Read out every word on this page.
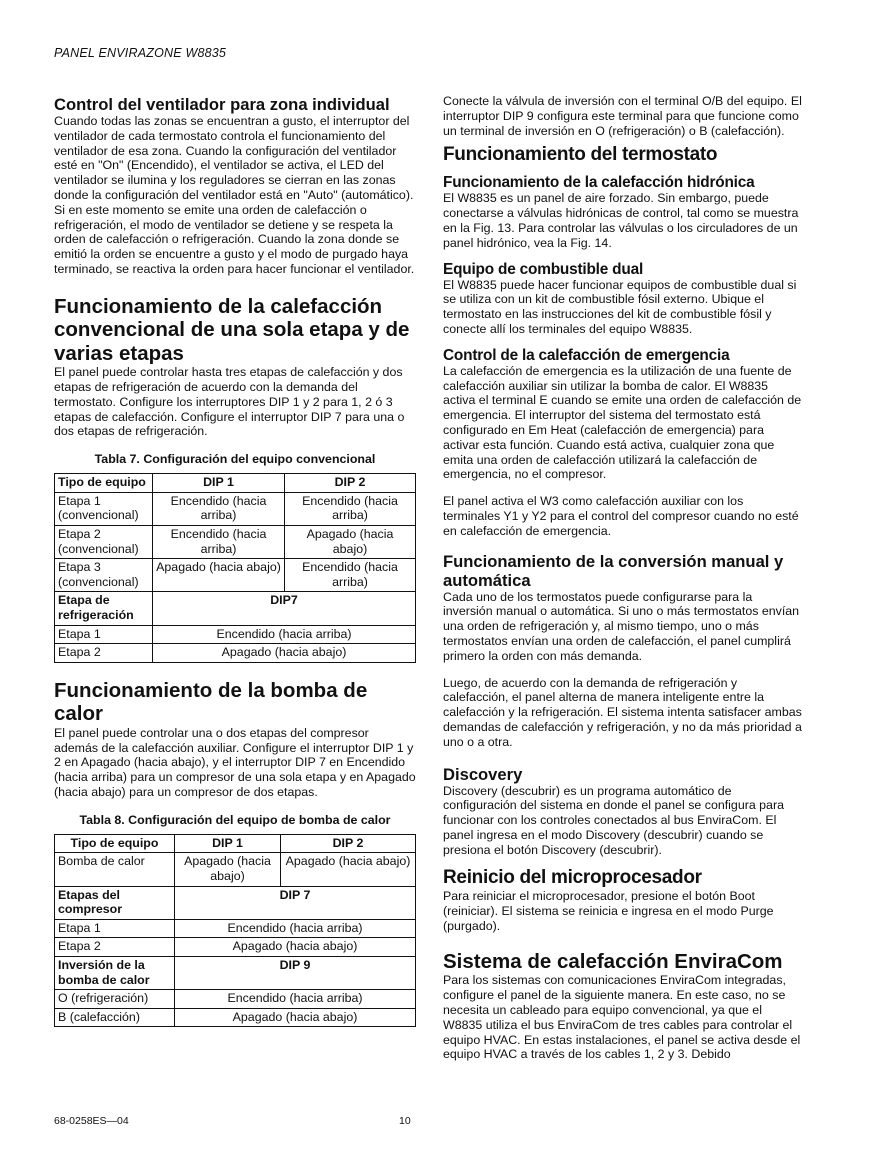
PANEL ENVIRAZONE W8835
Control del ventilador para zona individual

Cuando todas las zonas se encuentran a gusto, el interruptor del ventilador de cada termostato controla el funcionamiento del ventilador de esa zona. Cuando la configuración del ventilador esté en "On" (Encendido), el ventilador se activa, el LED del ventilador se ilumina y los reguladores se cierran en las zonas donde la configuración del ventilador está en "Auto" (automático). Si en este momento se emite una orden de calefacción o refrigeración, el modo de ventilador se detiene y se respeta la orden de calefacción o refrigeración. Cuando la zona donde se emitió la orden se encuentre a gusto y el modo de purgado haya terminado, se reactiva la orden para hacer funcionar el ventilador.

Funcionamiento de la calefacción convencional de una sola etapa y de varias etapas

El panel puede controlar hasta tres etapas de calefacción y dos etapas de refrigeración de acuerdo con la demanda del termostato. Configure los interruptores DIP 1 y 2 para 1, 2 ó 3 etapas de calefacción. Configure el interruptor DIP 7 para una o dos etapas de refrigeración.

Tabla 7. Configuración del equipo convencional
Tipo de equipo	DIP 1	DIP 2
Etapa 1 (convencional)	Encendido (hacia arriba)	Encendido (hacia arriba)
Etapa 2 (convencional)	Encendido (hacia arriba)	Apagado (hacia abajo)
Etapa 3 (convencional)	Apagado (hacia abajo)	Encendido (hacia arriba)
Etapa de refrigeración	DIP7	
Etapa 1	Encendido (hacia arriba)	
Etapa 2	Apagado (hacia abajo)	
Funcionamiento de la bomba de calor

El panel puede controlar una o dos etapas del compresor además de la calefacción auxiliar. Configure el interruptor DIP 1 y 2 en Apagado (hacia abajo), y el interruptor DIP 7 en Encendido (hacia arriba) para un compresor de una sola etapa y en Apagado (hacia abajo) para un compresor de dos etapas.

Tabla 8. Configuración del equipo de bomba de calor
Tipo de equipo	DIP 1	DIP 2
Bomba de calor	Apagado (hacia abajo)	Apagado (hacia abajo)
Etapas del compresor	DIP 7	
Etapa 1	Encendido (hacia arriba)	
Etapa 2	Apagado (hacia abajo)	
Inversión de la bomba de calor	DIP 9	
O (refrigeración)	Encendido (hacia arriba)	
B (calefacción)	Apagado (hacia abajo)	

Conecte la válvula de inversión con el terminal O/B del equipo. El interruptor DIP 9 configura este terminal para que funcione como un terminal de inversión en O (refrigeración) o B (calefacción).

Funcionamiento del termostato
Funcionamiento de la calefacción hidrónica

El W8835 es un panel de aire forzado. Sin embargo, puede conectarse a válvulas hidrónicas de control, tal como se muestra en la Fig. 13. Para controlar las válvulas o los circuladores de un panel hidrónico, vea la Fig. 14.

Equipo de combustible dual

El W8835 puede hacer funcionar equipos de combustible dual si se utiliza con un kit de combustible fósil externo. Ubique el termostato en las instrucciones del kit de combustible fósil y conecte allí los terminales del equipo W8835.

Control de la calefacción de emergencia

La calefacción de emergencia es la utilización de una fuente de calefacción auxiliar sin utilizar la bomba de calor. El W8835 activa el terminal E cuando se emite una orden de calefacción de emergencia. El interruptor del sistema del termostato está configurado en Em Heat (calefacción de emergencia) para activar esta función. Cuando está activa, cualquier zona que emita una orden de calefacción utilizará la calefacción de emergencia, no el compresor.

El panel activa el W3 como calefacción auxiliar con los terminales Y1 y Y2 para el control del compresor cuando no esté en calefacción de emergencia.

Funcionamiento de la conversión manual y automática

Cada uno de los termostatos puede configurarse para la inversión manual o automática. Si uno o más termostatos envían una orden de refrigeración y, al mismo tiempo, uno o más termostatos envían una orden de calefacción, el panel cumplirá primero la orden con más demanda.

Luego, de acuerdo con la demanda de refrigeración y calefacción, el panel alterna de manera inteligente entre la calefacción y la refrigeración. El sistema intenta satisfacer ambas demandas de calefacción y refrigeración, y no da más prioridad a uno o a otra.

Discovery

Discovery (descubrir) es un programa automático de configuración del sistema en donde el panel se configura para funcionar con los controles conectados al bus EnviraCom. El panel ingresa en el modo Discovery (descubrir) cuando se presiona el botón Discovery (descubrir).

Reinicio del microprocesador

Para reiniciar el microprocesador, presione el botón Boot (reiniciar). El sistema se reinicia e ingresa en el modo Purge (purgado).

Sistema de calefacción EnviraCom

Para los sistemas con comunicaciones EnviraCom integradas, configure el panel de la siguiente manera. En este caso, no se necesita un cableado para equipo convencional, ya que el W8835 utiliza el bus EnviraCom de tres cables para controlar el equipo HVAC. En estas instalaciones, el panel se activa desde el equipo HVAC a través de los cables 1, 2 y 3. Debido

68-0258ES—04	10
